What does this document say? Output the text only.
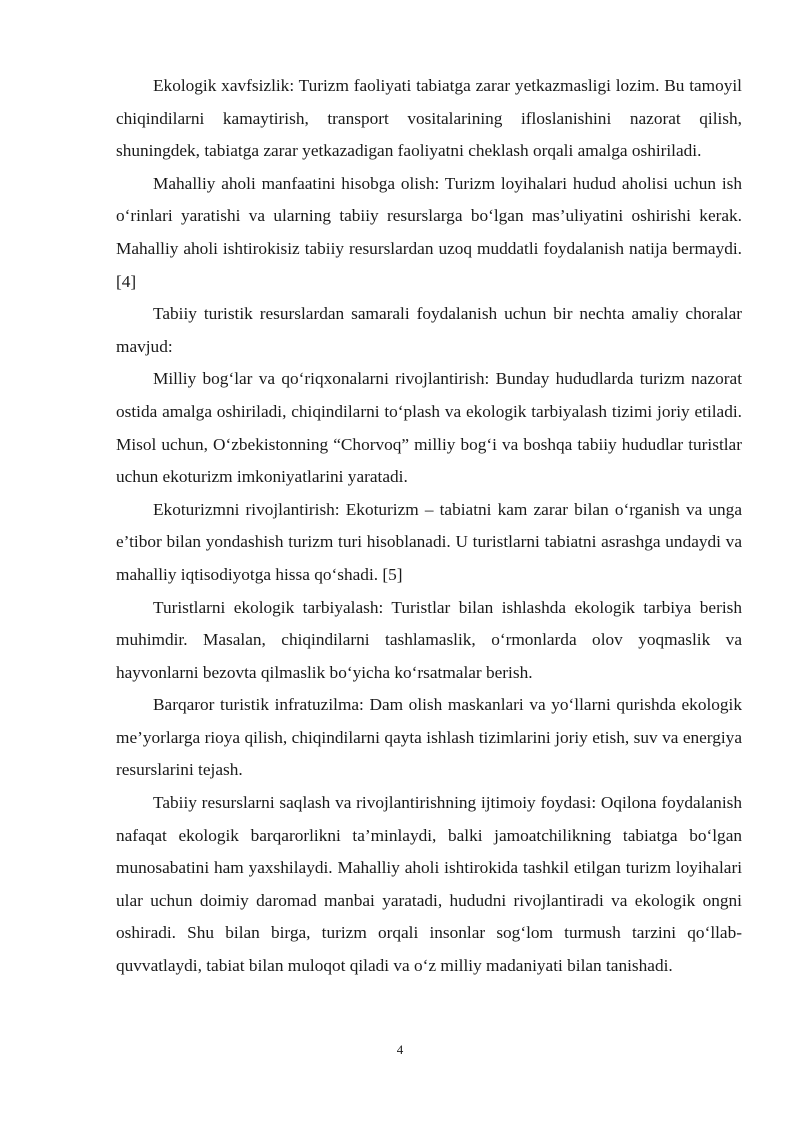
Ekologik xavfsizlik: Turizm faoliyati tabiatga zarar yetkazmasligi lozim. Bu tamoyil chiqindilarni kamaytirish, transport vositalarining ifloslanishini nazorat qilish, shuningdek, tabiatga zarar yetkazadigan faoliyatni cheklash orqali amalga oshiriladi.

Mahalliy aholi manfaatini hisobga olish: Turizm loyihalari hudud aholisi uchun ish o‘rinlari yaratishi va ularning tabiiy resurslarga bo‘lgan mas’uliyatini oshirishi kerak. Mahalliy aholi ishtirokisiz tabiiy resurslardan uzoq muddatli foydalanish natija bermaydi. [4]

Tabiiy turistik resurslardan samarali foydalanish uchun bir nechta amaliy choralar mavjud:

Milliy bog‘lar va qo‘riqxonalarni rivojlantirish: Bunday hududlarda turizm nazorat ostida amalga oshiriladi, chiqindilarni to‘plash va ekologik tarbiyalash tizimi joriy etiladi. Misol uchun, O‘zbekistonning “Chorvoq” milliy bog‘i va boshqa tabiiy hududlar turistlar uchun ekoturizm imkoniyatlarini yaratadi.

Ekoturizmni rivojlantirish: Ekoturizm – tabiatni kam zarar bilan o‘rganish va unga e’tibor bilan yondashish turizm turi hisoblanadi. U turistlarni tabiatni asrashga undaydi va mahalliy iqtisodiyotga hissa qo‘shadi. [5]

Turistlarni ekologik tarbiyalash: Turistlar bilan ishlashda ekologik tarbiya berish muhimdir. Masalan, chiqindilarni tashlamaslik, o‘rmonlarda olov yoqmaslik va hayvonlarni bezovta qilmaslik bo‘yicha ko‘rsatmalar berish.

Barqaror turistik infratuzilma: Dam olish maskanlari va yo‘llarni qurishda ekologik me’yorlarga rioya qilish, chiqindilarni qayta ishlash tizimlarini joriy etish, suv va energiya resurslarini tejash.

Tabiiy resurslarni saqlash va rivojlantirishning ijtimoiy foydasi: Oqilona foydalanish nafaqat ekologik barqarorlikni ta’minlaydi, balki jamoatchilikning tabiatga bo‘lgan munosabatini ham yaxshilaydi. Mahalliy aholi ishtirokida tashkil etilgan turizm loyihalari ular uchun doimiy daromad manbai yaratadi, hududni rivojlantiradi va ekologik ongni oshiradi. Shu bilan birga, turizm orqali insonlar sog‘lom turmush tarzini qo‘llab-quvvatlaydi, tabiat bilan muloqot qiladi va o‘z milliy madaniyati bilan tanishadi.

4
